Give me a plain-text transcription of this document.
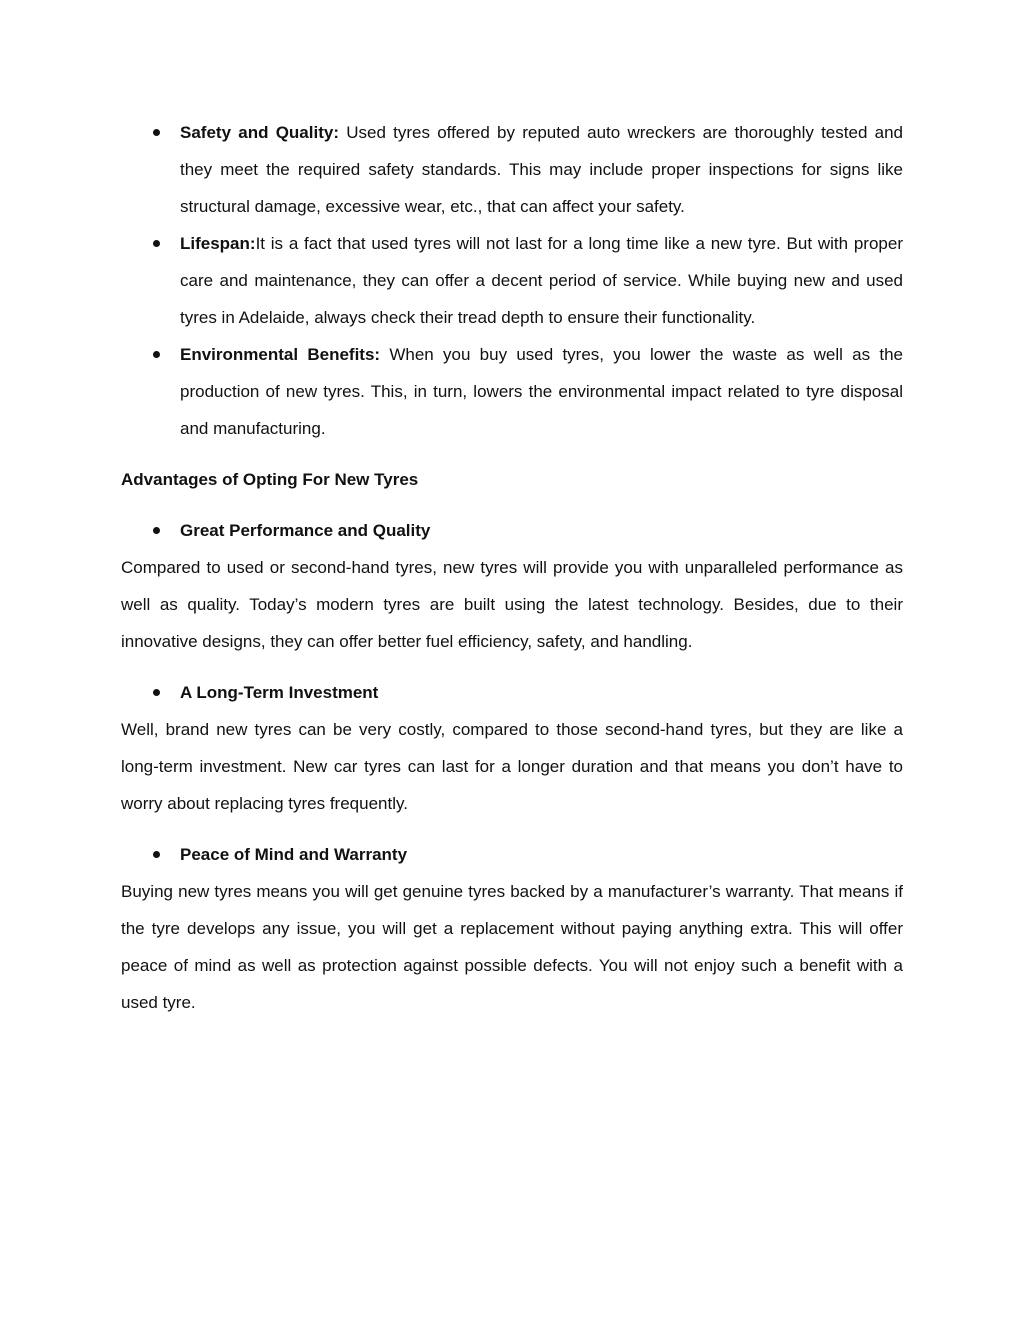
Safety and Quality: Used tyres offered by reputed auto wreckers are thoroughly tested and they meet the required safety standards. This may include proper inspections for signs like structural damage, excessive wear, etc., that can affect your safety.
Lifespan:It is a fact that used tyres will not last for a long time like a new tyre. But with proper care and maintenance, they can offer a decent period of service. While buying new and used tyres in Adelaide, always check their tread depth to ensure their functionality.
Environmental Benefits: When you buy used tyres, you lower the waste as well as the production of new tyres. This, in turn, lowers the environmental impact related to tyre disposal and manufacturing.
Advantages of Opting For New Tyres
Great Performance and Quality

Compared to used or second-hand tyres, new tyres will provide you with unparalleled performance as well as quality. Today’s modern tyres are built using the latest technology. Besides, due to their innovative designs, they can offer better fuel efficiency, safety, and handling.

A Long-Term Investment

Well, brand new tyres can be very costly, compared to those second-hand tyres, but they are like a long-term investment. New car tyres can last for a longer duration and that means you don’t have to worry about replacing tyres frequently.

Peace of Mind and Warranty

Buying new tyres means you will get genuine tyres backed by a manufacturer’s warranty. That means if the tyre develops any issue, you will get a replacement without paying anything extra. This will offer peace of mind as well as protection against possible defects. You will not enjoy such a benefit with a used tyre.
